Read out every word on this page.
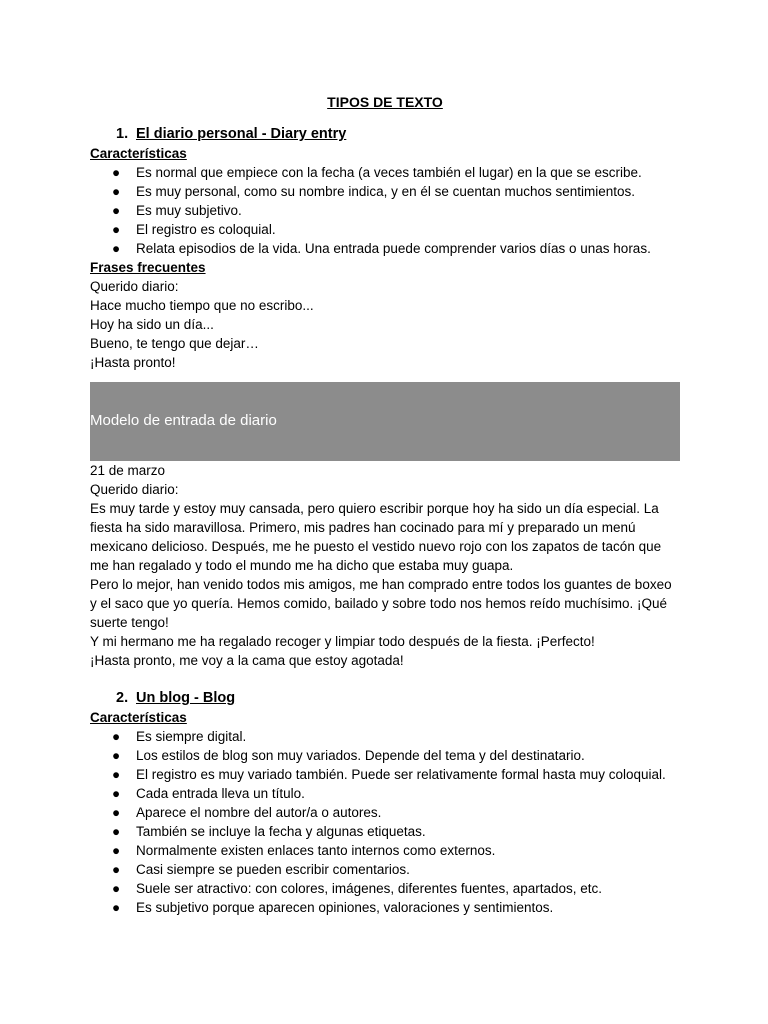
TIPOS DE TEXTO
1. El diario personal - Diary entry
Características
● Es normal que empiece con la fecha (a veces también el lugar) en la que se escribe.
● Es muy personal, como su nombre indica, y en él se cuentan muchos sentimientos.
● Es muy subjetivo.
● El registro es coloquial.
● Relata episodios de la vida. Una entrada puede comprender varios días o unas horas.
Frases frecuentes
Querido diario:
Hace mucho tiempo que no escribo...
Hoy ha sido un día...
Bueno, te tengo que dejar…
¡Hasta pronto!
Modelo de entrada de diario
21 de marzo
Querido diario:
Es muy tarde y estoy muy cansada, pero quiero escribir porque hoy ha sido un día especial. La fiesta ha sido maravillosa. Primero, mis padres han cocinado para mí y preparado un menú mexicano delicioso. Después, me he puesto el vestido nuevo rojo con los zapatos de tacón que me han regalado y todo el mundo me ha dicho que estaba muy guapa.
Pero lo mejor, han venido todos mis amigos, me han comprado entre todos los guantes de boxeo y el saco que yo quería. Hemos comido, bailado y sobre todo nos hemos reído muchísimo. ¡Qué suerte tengo!
Y mi hermano me ha regalado recoger y limpiar todo después de la fiesta. ¡Perfecto!
¡Hasta pronto, me voy a la cama que estoy agotada!
2. Un blog - Blog
Características
● Es siempre digital.
● Los estilos de blog son muy variados. Depende del tema y del destinatario.
● El registro es muy variado también. Puede ser relativamente formal hasta muy coloquial.
● Cada entrada lleva un título.
● Aparece el nombre del autor/a o autores.
● También se incluye la fecha y algunas etiquetas.
● Normalmente existen enlaces tanto internos como externos.
● Casi siempre se pueden escribir comentarios.
● Suele ser atractivo: con colores, imágenes, diferentes fuentes, apartados, etc.
● Es subjetivo porque aparecen opiniones, valoraciones y sentimientos.
